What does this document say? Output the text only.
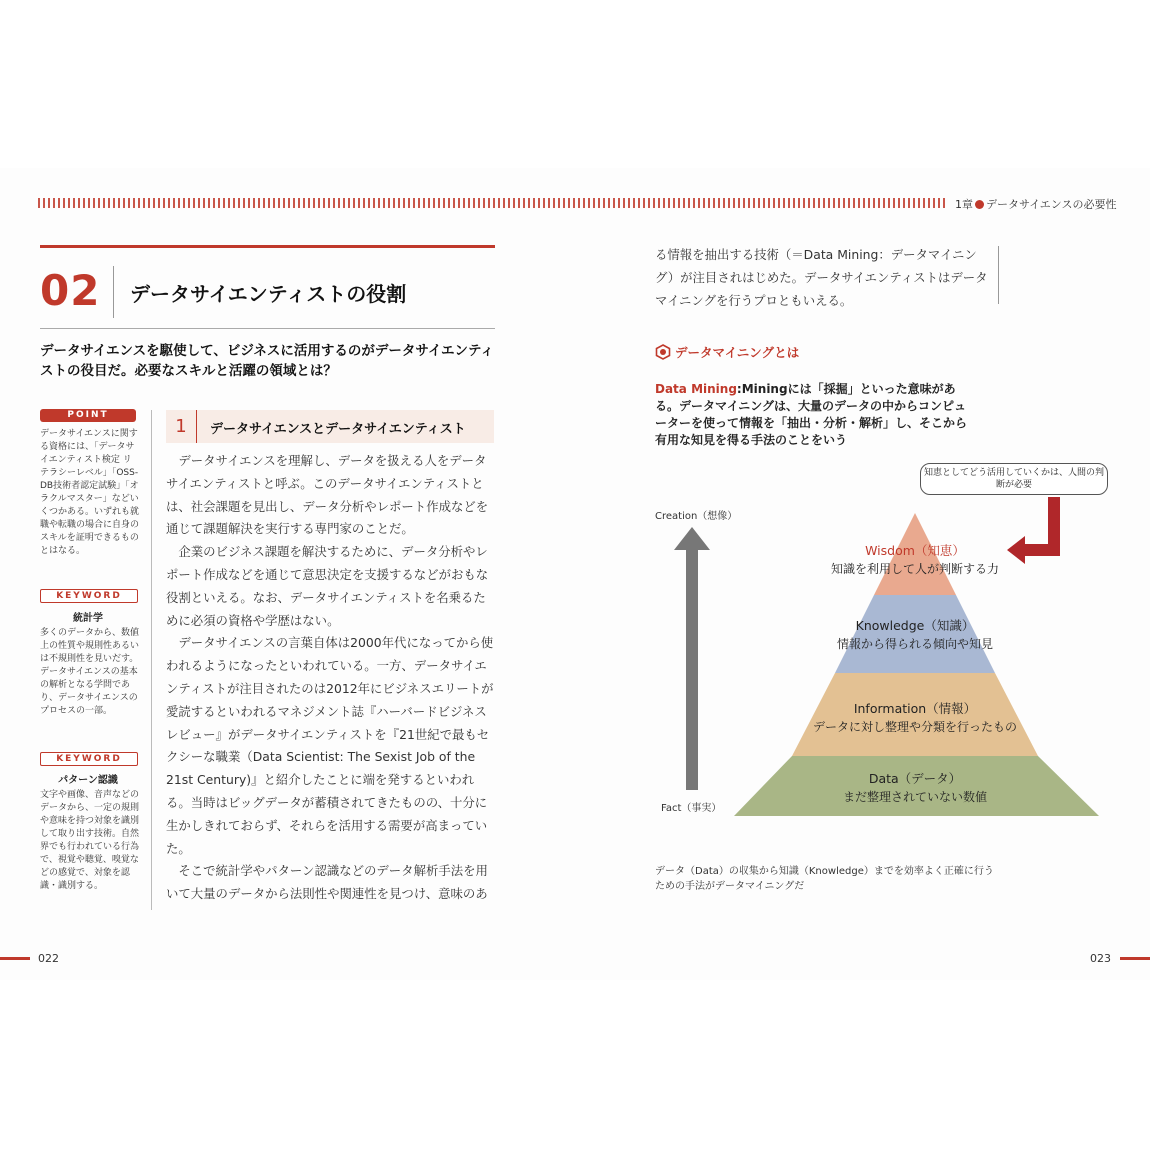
1章 データサイエンスの必要性
02 データサイエンティストの役割
データサイエンスを駆使して、ビジネスに活用するのがデータサイエンティストの役目だ。必要なスキルと活躍の領域とは？
POINT
データサイエンスに関する資格には、「データサイエンティスト検定 リテラシーレベル」「OSS-DB技術者認定試験」「オラクルマスター」などいくつかある。いずれも就職や転職の場合に自身のスキルを証明できるものとはなる。
KEYWORD
統計学
多くのデータから、数値上の性質や規則性あるいは不規則性を見いだす。データサイエンスの基本の解析となる学問であり、データサイエンスのプロセスの一部。
KEYWORD
パターン認識
文字や画像、音声などのデータから、一定の規則や意味を持つ対象を識別して取り出す技術。自然界でも行われている行為で、視覚や聴覚、嗅覚などの感覚で、対象を認識・識別する。
1	データサイエンスとデータサイエンティスト

データサイエンスを理解し、データを扱える人をデータサイエンティストと呼ぶ。このデータサイエンティストとは、社会課題を見出し、データ分析やレポート作成などを通じて課題解決を実行する専門家のことだ。

企業のビジネス課題を解決するために、データ分析やレポート作成などを通じて意思決定を支援するなどがおもな役割といえる。なお、データサイエンティストを名乗るために必須の資格や学歴はない。

データサイエンスの言葉自体は2000年代になってから使われるようになったといわれている。一方、データサイエンティストが注目されたのは2012年にビジネスエリートが愛読するといわれるマネジメント誌『ハーバードビジネスレビュー』がデータサイエンティストを『21世紀で最もセクシーな職業（Data Scientist: The Sexist Job of the 21st Century)』と紹介したことに端を発するといわれる。当時はビッグデータが蓄積されてきたものの、十分に生かしきれておらず、それらを活用する需要が高まっていた。

そこで統計学やパターン認識などのデータ解析手法を用いて大量のデータから法則性や関連性を見つけ、意味のあ

022
る情報を抽出する技術（＝Data Mining：データマイニング）が注目されはじめた。データサイエンティストはデータマイニングを行うプロともいえる。
データマイニングとは
Data Mining:Miningには「採掘」といった意味がある。データマイニングは、大量のデータの中からコンピューターを使って情報を「抽出・分析・解析」し、そこから有用な知見を得る手法のことをいう
知恵としてどう活用していくかは、人間の判断が必要
Creation（想像）
Fact（事実）
Wisdom（知恵）
知識を利用して人が判断する力
Knowledge（知識）
情報から得られる傾向や知見
Information（情報）
データに対し整理や分類を行ったもの
Data（データ）
まだ整理されていない数値
データ（Data）の収集から知識（Knowledge）までを効率よく正確に行うための手法がデータマイニングだ
023
